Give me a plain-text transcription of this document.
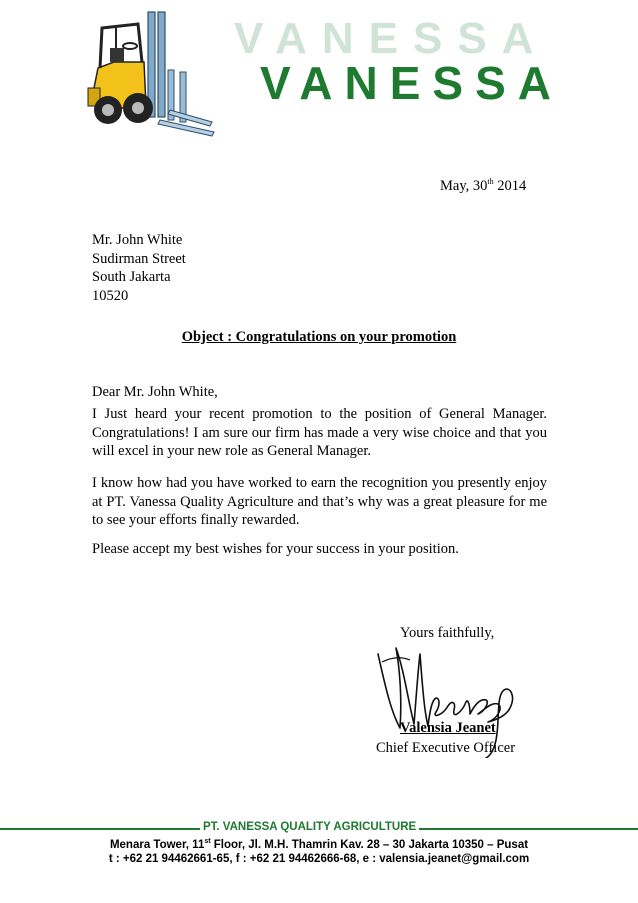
VANESSA
VANESSA
May, 30th 2014
Mr. John White
Sudirman Street
South Jakarta
10520
Object : Congratulations on your promotion
Dear Mr. John White,
I Just heard your recent promotion to the position of General Manager. Congratulations! I am sure our firm has made a very wise choice and that you will excel in your new role as General Manager.
I know how had you have worked to earn the recognition you presently enjoy at PT. Vanessa Quality Agriculture and that’s why was a great pleasure for me to see your efforts finally rewarded.
Please accept my best wishes for your success in your position.
Yours faithfully,
Valensia Jeanet
Chief Executive Officer
PT. VANESSA QUALITY AGRICULTURE
Menara Tower, 11st Floor, Jl. M.H. Thamrin Kav. 28 – 30 Jakarta 10350 – Pusat
t : +62 21 94462661-65, f : +62 21 94462666-68, e : valensia.jeanet@gmail.com
